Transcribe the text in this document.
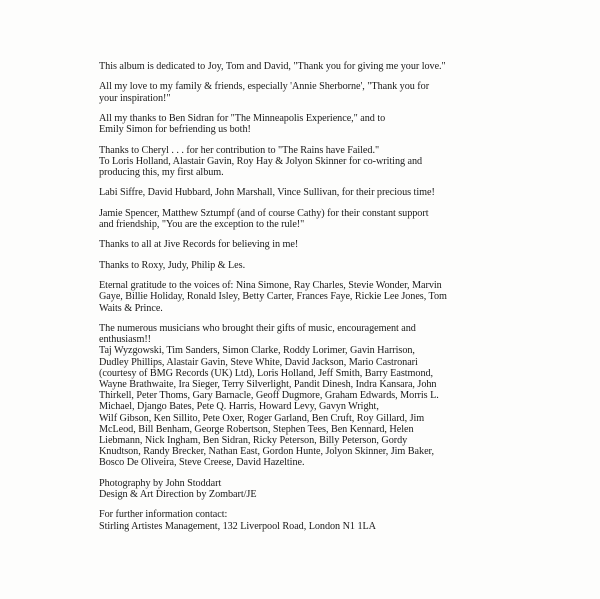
This album is dedicated to Joy, Tom and David, "Thank you for giving me your love."

All my love to my family & friends, especially 'Annie Sherborne', "Thank you for
your inspiration!"

All my thanks to Ben Sidran for "The Minneapolis Experience," and to
Emily Simon for befriending us both!

Thanks to Cheryl . . . for her contribution to "The Rains have Failed."
To Loris Holland, Alastair Gavin, Roy Hay & Jolyon Skinner for co-writing and
producing this, my first album.

Labi Siffre, David Hubbard, John Marshall, Vince Sullivan, for their precious time!

Jamie Spencer, Matthew Sztumpf (and of course Cathy) for their constant support
and friendship, "You are the exception to the rule!"

Thanks to all at Jive Records for believing in me!

Thanks to Roxy, Judy, Philip & Les.

Eternal gratitude to the voices of: Nina Simone, Ray Charles, Stevie Wonder, Marvin
Gaye, Billie Holiday, Ronald Isley, Betty Carter, Frances Faye, Rickie Lee Jones, Tom
Waits & Prince.

The numerous musicians who brought their gifts of music, encouragement and
enthusiasm!!

Taj Wyzgowski, Tim Sanders, Simon Clarke, Roddy Lorimer, Gavin Harrison,
Dudley Phillips, Alastair Gavin, Steve White, David Jackson, Mario Castronari
(courtesy of BMG Records (UK) Ltd), Loris Holland, Jeff Smith, Barry Eastmond,
Wayne Brathwaite, Ira Sieger, Terry Silverlight, Pandit Dinesh, Indra Kansara, John
Thirkell, Peter Thoms, Gary Barnacle, Geoff Dugmore, Graham Edwards, Morris L.
Michael, Django Bates, Pete Q. Harris, Howard Levy, Gavyn Wright,
Wilf Gibson, Ken Sillito, Pete Oxer, Roger Garland, Ben Cruft, Roy Gillard, Jim
McLeod, Bill Benham, George Robertson, Stephen Tees, Ben Kennard, Helen
Liebmann, Nick Ingham, Ben Sidran, Ricky Peterson, Billy Peterson, Gordy
Knudtson, Randy Brecker, Nathan East, Gordon Hunte, Jolyon Skinner, Jim Baker,
Bosco De Oliveira, Steve Creese, David Hazeltine.

Photography by John Stoddart

Design & Art Direction by Zombart/JE

For further information contact:

Stirling Artistes Management, 132 Liverpool Road, London N1 1LA
